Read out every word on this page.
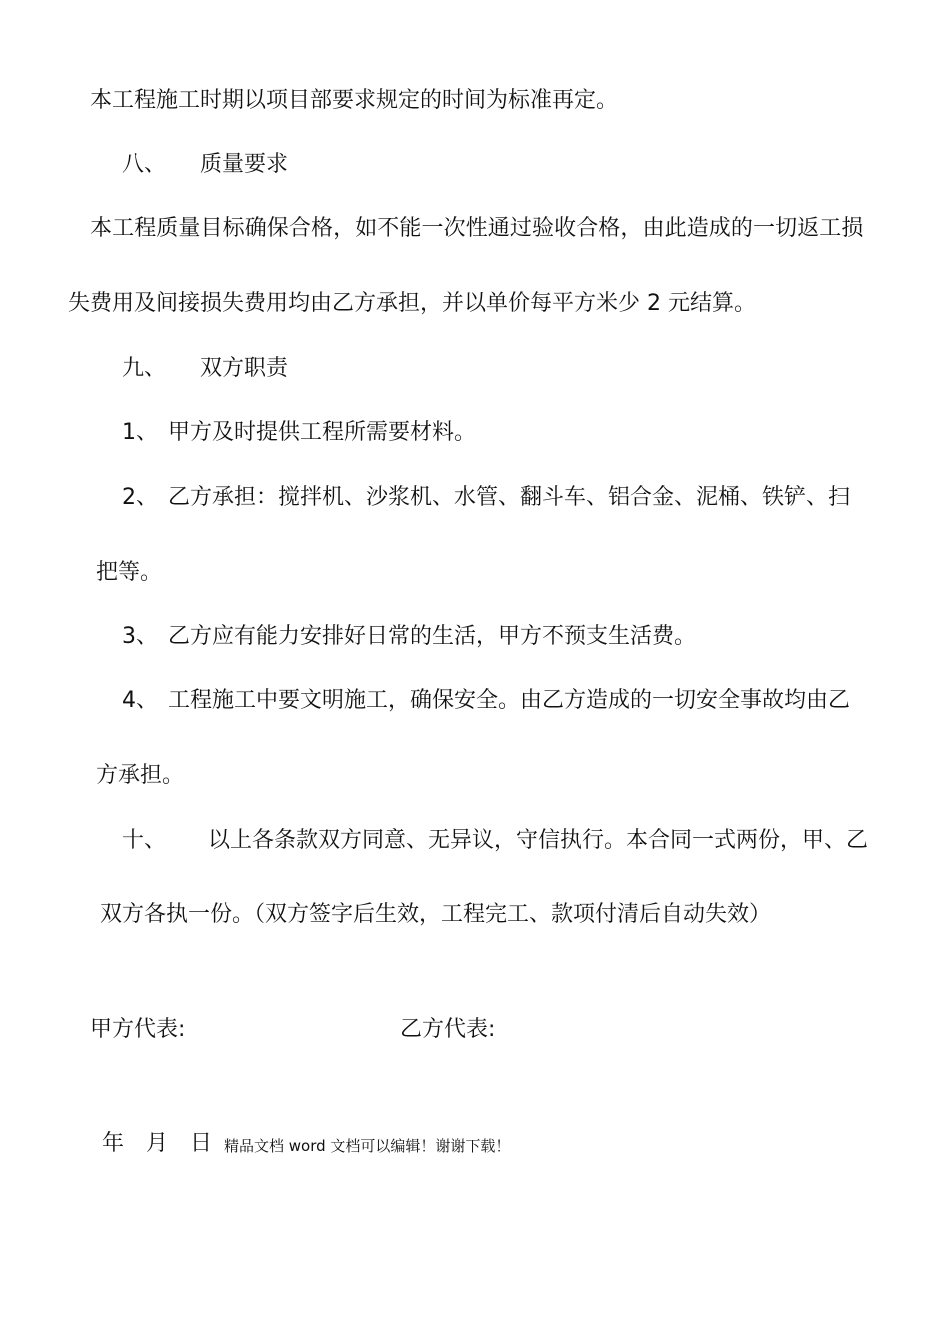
本工程施工时期以项目部要求规定的时间为标准再定。
八、 质量要求
本工程质量目标确保合格，如不能一次性通过验收合格，由此造成的一切返工损
失费用及间接损失费用均由乙方承担，并以单价每平方米少 2 元结算。
九、 双方职责
1、 甲方及时提供工程所需要材料。
2、 乙方承担：搅拌机、沙浆机、水管、翻斗车、铝合金、泥桶、铁铲、扫
把等。
3、 乙方应有能力安排好日常的生活，甲方不预支生活费。
4、 工程施工中要文明施工，确保安全。由乙方造成的一切安全事故均由乙
方承担。
十、 以上各条款双方同意、无异议，守信执行。本合同一式两份，甲、乙
双方各执一份。（双方签字后生效，工程完工、款项付清后自动失效）
甲方代表:	乙方代表:
年　月　日 精品文档 word 文档可以编辑！谢谢下载！
